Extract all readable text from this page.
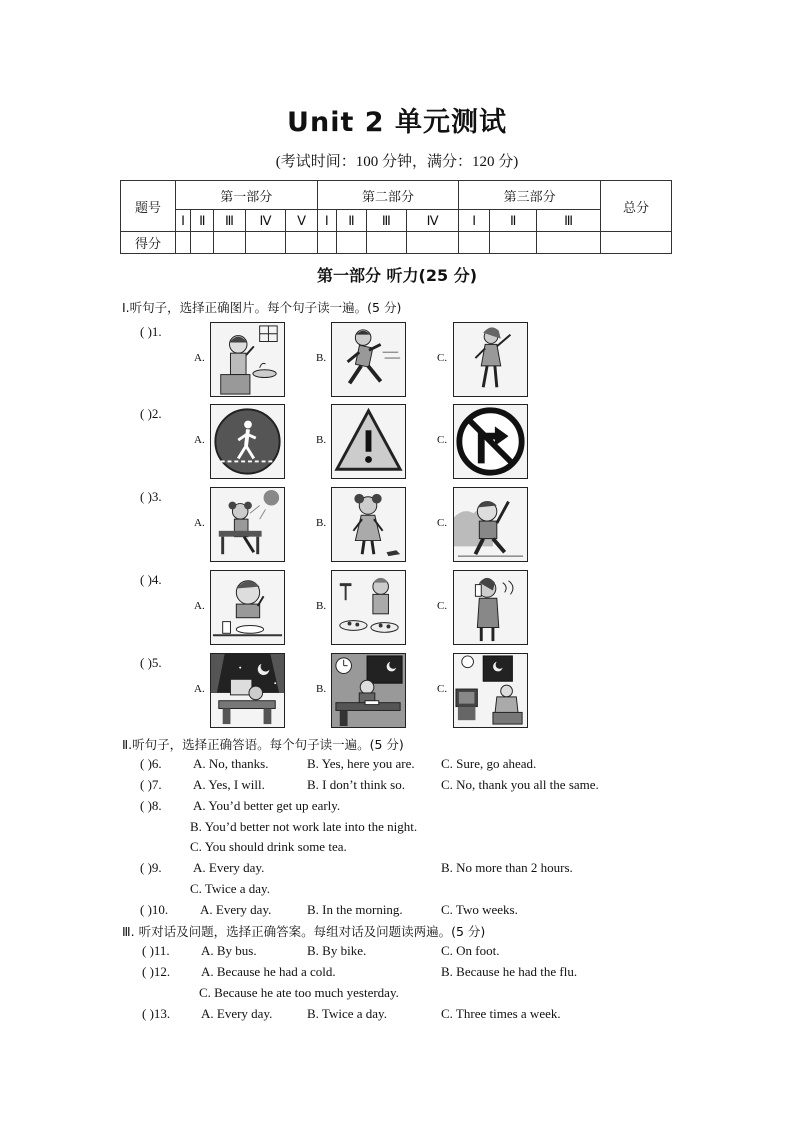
Unit 2 单元测试
(考试时间：100 分钟，满分：120 分)
题号	第一部分					第二部分				第三部分			总分
	Ⅰ	Ⅱ	Ⅲ	Ⅳ	Ⅴ	Ⅰ	Ⅱ	Ⅲ	Ⅳ	Ⅰ	Ⅱ	Ⅲ	
得分													
第一部分 听力(25 分)
Ⅰ.听句子，选择正确图片。每个句子读一遍。(5 分)
( )1.
A.	B.	C.
( )2.
A.	B.	C.
( )3.
A.	B.	C.
( )4.
A.	B.	C.
( )5.
A.	B.	C.
Ⅱ.听句子，选择正确答语。每个句子读一遍。(5 分)
( )6. A. No, thanks.	B. Yes, here you are. C. Sure, go ahead.
( )7. A. Yes, I will.	B. I don’t think so.	C. No, thank you all the same.
( )8. A. You’d better get up early.
B. You’d better not work late into the night.
C. You should drink some tea.
( )9. A. Every day.	B. No more than 2 hours.
C. Twice a day.
( )10. A. Every day.	B. In the morning.	C. Two weeks.
Ⅲ. 听对话及问题，选择正确答案。每组对话及问题读两遍。(5 分)
( )11. A. By bus.	B. By bike.	C. On foot.
( )12. A. Because he had a cold.	B. Because he had the flu.
C. Because he ate too much yesterday.
( )13. A. Every day.	B. Twice a day.	C. Three times a week.
